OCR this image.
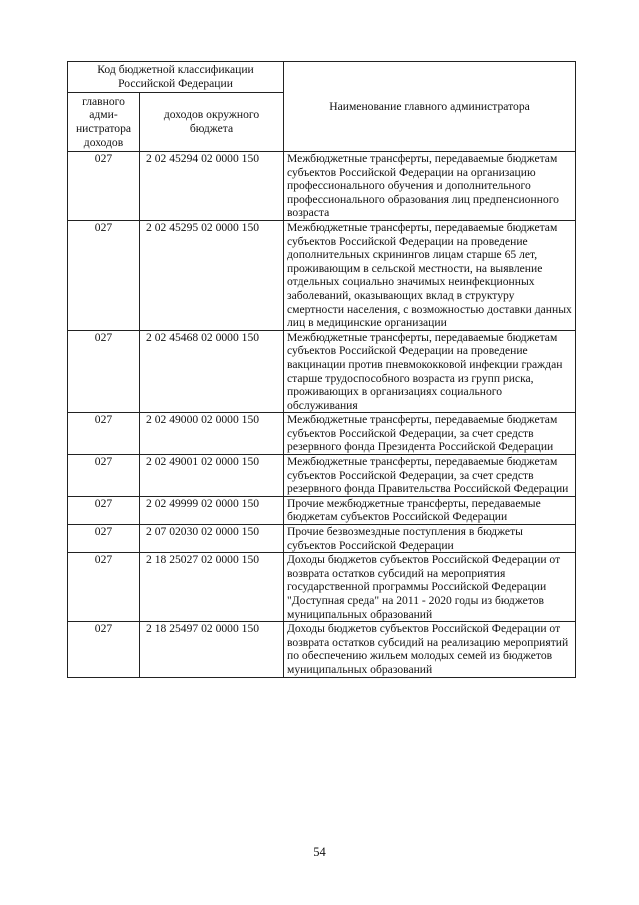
Код бюджетной классификации Российской Федерации		Наименование главного администратора
главного адми-нистратора доходов	доходов окружного бюджета	
027	2 02 45294 02 0000 150	Межбюджетные трансферты, передаваемые бюджетам субъектов Российской Федерации на организацию профессионального обучения и дополнительного профессионального образования лиц предпенсионного возраста
027	2 02 45295 02 0000 150	Межбюджетные трансферты, передаваемые бюджетам субъектов Российской Федерации на проведение дополнительных скринингов лицам старше 65 лет, проживающим в сельской местности, на выявление отдельных социально значимых неинфекционных заболеваний, оказывающих вклад в структуру смертности населения, с возможностью доставки данных лиц в медицинские организации
027	2 02 45468 02 0000 150	Межбюджетные трансферты, передаваемые бюджетам субъектов Российской Федерации на проведение вакцинации против пневмококковой инфекции граждан старше трудоспособного возраста из групп риска, проживающих в организациях социального обслуживания
027	2 02 49000 02 0000 150	Межбюджетные трансферты, передаваемые бюджетам субъектов Российской Федерации, за счет средств резервного фонда Президента Российской Федерации
027	2 02 49001 02 0000 150	Межбюджетные трансферты, передаваемые бюджетам субъектов Российской Федерации, за счет средств резервного фонда Правительства Российской Федерации
027	2 02 49999 02 0000 150	Прочие межбюджетные трансферты, передаваемые бюджетам субъектов Российской Федерации
027	2 07 02030 02 0000 150	Прочие безвозмездные поступления в бюджеты субъектов Российской Федерации
027	2 18 25027 02 0000 150	Доходы бюджетов субъектов Российской Федерации от возврата остатков субсидий на мероприятия государственной программы Российской Федерации "Доступная среда" на 2011 - 2020 годы из бюджетов муниципальных образований
027	2 18 25497 02 0000 150	Доходы бюджетов субъектов Российской Федерации от возврата остатков субсидий на реализацию мероприятий по обеспечению жильем молодых семей из бюджетов муниципальных образований
54
